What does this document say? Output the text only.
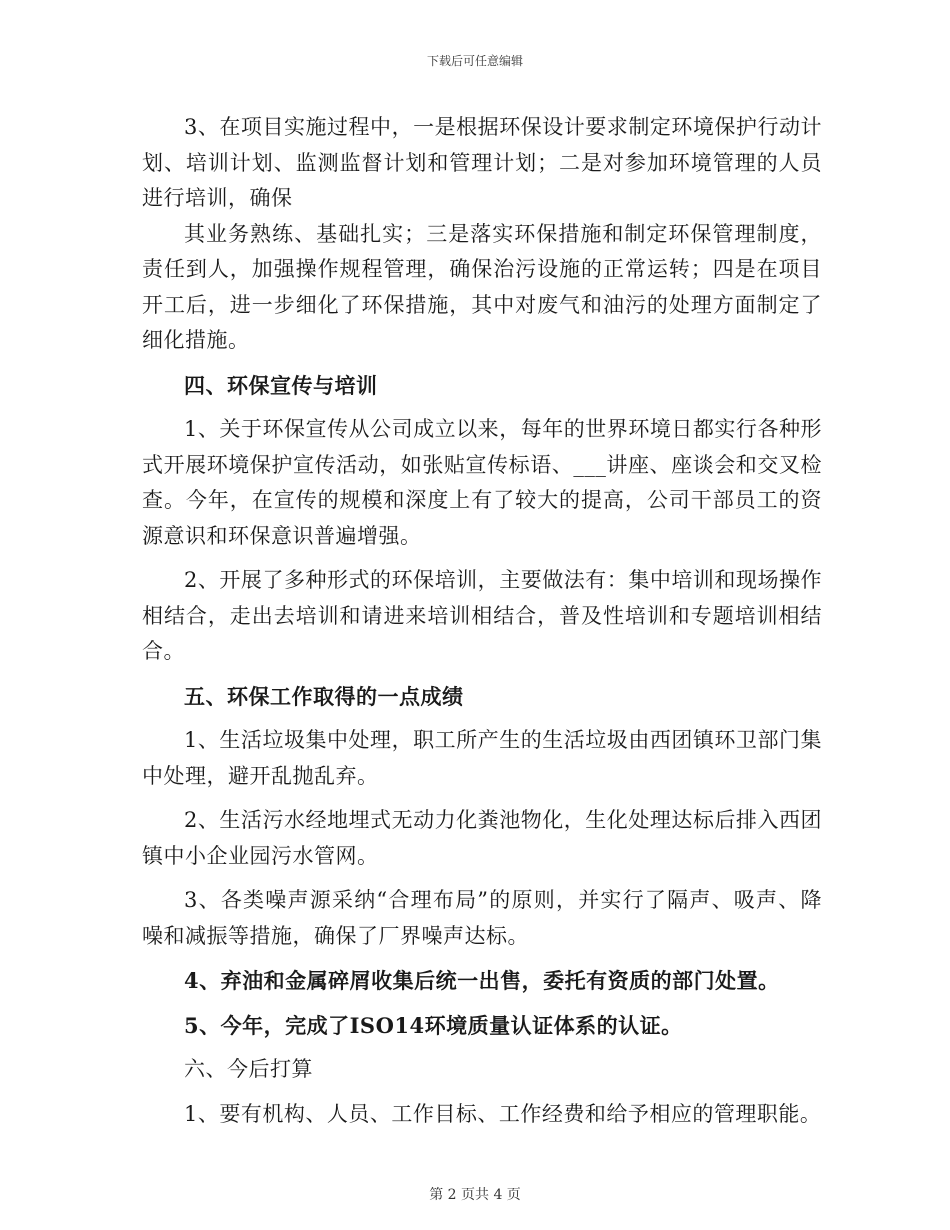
下载后可任意编辑

3、在项目实施过程中，一是根据环保设计要求制定环境保护行动计划、培训计划、监测监督计划和管理计划；二是对参加环境管理的人员进行培训，确保

其业务熟练、基础扎实；三是落实环保措施和制定环保管理制度，责任到人，加强操作规程管理，确保治污设施的正常运转；四是在项目开工后，进一步细化了环保措施，其中对废气和油污的处理方面制定了细化措施。

四、环保宣传与培训

1、关于环保宣传从公司成立以来，每年的世界环境日都实行各种形式开展环境保护宣传活动，如张贴宣传标语、___讲座、座谈会和交叉检查。今年，在宣传的规模和深度上有了较大的提高，公司干部员工的资源意识和环保意识普遍增强。

2、开展了多种形式的环保培训，主要做法有：集中培训和现场操作相结合，走出去培训和请进来培训相结合，普及性培训和专题培训相结合。

五、环保工作取得的一点成绩

1、生活垃圾集中处理，职工所产生的生活垃圾由西团镇环卫部门集中处理，避开乱抛乱弃。

2、生活污水经地埋式无动力化粪池物化，生化处理达标后排入西团镇中小企业园污水管网。

3、各类噪声源采纳“合理布局”的原则，并实行了隔声、吸声、降噪和减振等措施，确保了厂界噪声达标。

4、弃油和金属碎屑收集后统一出售，委托有资质的部门处置。

5、今年，完成了ISO14环境质量认证体系的认证。

六、今后打算

1、要有机构、人员、工作目标、工作经费和给予相应的管理职能。

第 2 页共 4 页
